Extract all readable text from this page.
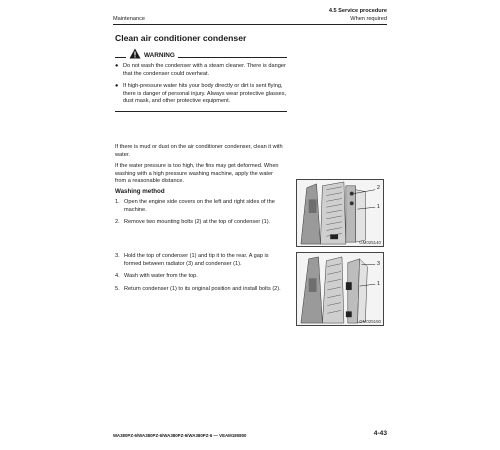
Maintenance
4.5 Service procedure
When required
Clean air conditioner condenser
WARNING
● Do not wash the condenser with a steam cleaner. There is danger that the condenser could overheat.
● If high-pressure water hits your body directly or dirt is sent flying, there is danger of personal injury. Always wear protective glasses, dust mask, and other protective equipment.
If there is mud or dust on the air conditioner condenser, clean it with water.
If the water pressure is too high, the fins may get deformed. When washing with a high pressure washing machine, apply the water from a reasonable distance.
Washing method
1. Open the engine side covers on the left and right sides of the machine.
2. Remove two mounting bolts (2) at the top of condenser (1).
3. Hold the top of condenser (1) and tip it to the rear. A gap is formed between radiator (3) and condenser (1).
4. Wash with water from the top.
5. Return condenser (1) to its original position and install bolts (2).
2
1
GM025140
3
1
GM025150
WA380PZ-6/WA380PZ-6/WA380PZ-6/WA380PZ-6 — VEAM180800	4-43
